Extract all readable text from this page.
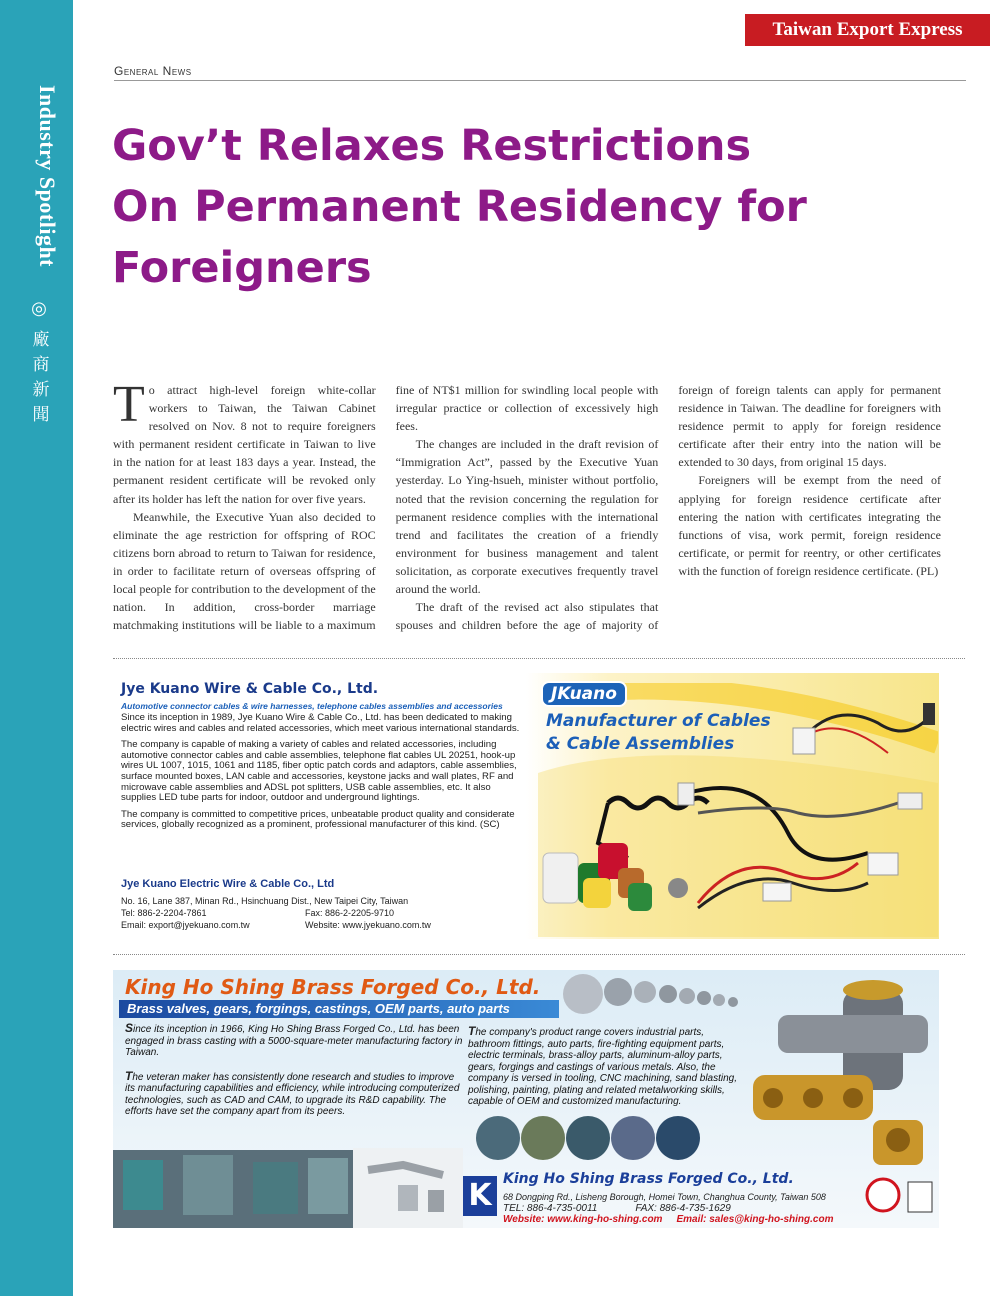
Industry Spotlight
◎
廠
商
新
聞
Taiwan Export Express
General News
Gov’t Relaxes Restrictions
On Permanent Residency for
Foreigners

To attract high-level foreign white-collar workers to Taiwan, the Taiwan Cabinet resolved on Nov. 8 not to require foreigners with permanent resident certificate in Taiwan to live in the nation for at least 183 days a year. Instead, the permanent resident certificate will be revoked only after its holder has left the nation for over five years.

Meanwhile, the Executive Yuan also decided to eliminate the age restriction for offspring of ROC citizens born abroad to return to Taiwan for residence, in order to facilitate return of overseas offspring of local people for contribution to the development of the nation. In addition, cross-border marriage matchmaking institutions will be liable to a maximum fine of NT$1 million for swindling local people with irregular practice or collection of excessively high fees.

The changes are included in the draft revision of “Immigration Act”, passed by the Executive Yuan yesterday. Lo Ying-hsueh, minister without portfolio, noted that the revision concerning the regulation for permanent residence complies with the international trend and facilitates the creation of a friendly environment for business management and talent solicitation, as corporate executives frequently travel around the world.

The draft of the revised act also stipulates that spouses and children before the age of majority of foreign of foreign talents can apply for permanent residence in Taiwan. The deadline for foreigners with residence permit to apply for foreign residence certificate after their entry into the nation will be extended to 30 days, from original 15 days.

Foreigners will be exempt from the need of applying for foreign residence certificate after entering the nation with certificates integrating the functions of visa, work permit, foreign residence certificate, or permit for reentry, or other certificates with the function of foreign residence certificate. (PL)

Jye Kuano Wire & Cable Co., Ltd.
Automotive connector cables & wire harnesses, telephone cables assemblies and accessories

Since its inception in 1989, Jye Kuano Wire & Cable Co., Ltd. has been dedicated to making electric wires and cables and related accessories, which meet various international standards.

The company is capable of making a variety of cables and related accessories, including automotive connector cables and cable assemblies, telephone flat cables UL 20251, hook-up wires UL 1007, 1015, 1061 and 1185, fiber optic patch cords and adaptors, cable assemblies, surface mounted boxes, LAN cable and accessories, keystone jacks and wall plates, RF and microwave cable assemblies and ADSL pot splitters, USB cable assemblies, etc. It also supplies LED tube parts for indoor, outdoor and underground lightings.

The company is committed to competitive prices, unbeatable product quality and considerate services, globally recognized as a prominent, professional manufacturer of this kind. (SC)

Jye Kuano Electric Wire & Cable Co., Ltd
No. 16, Lane 387, Minan Rd., Hsinchuang Dist., New Taipei City, Taiwan
Tel: 886-2-2204-7861	Fax: 886-2-2205-9710
Email: export@jyekuano.com.tw	Website: www.jyekuano.com.tw
JKuano
Manufacturer of Cables
& Cable Assemblies
King Ho Shing Brass Forged Co., Ltd.
Brass valves, gears, forgings, castings, OEM parts, auto parts

Since its inception in 1966, King Ho Shing Brass Forged Co., Ltd. has been engaged in brass casting with a 5000-square-meter manufacturing factory in Taiwan.

The veteran maker has consistently done research and studies to improve its manufacturing capabilities and efficiency, while introducing computerized technologies, such as CAD and CAM, to upgrade its R&D capability. The efforts have set the company apart from its peers.

The company's product range covers industrial parts, bathroom fittings, auto parts, fire-fighting equipment parts, electric terminals, brass-alloy parts, aluminum-alloy parts, gears, forgings and castings of various metals. Also, the company is versed in tooling, CNC machining, sand blasting, polishing, painting, plating and related metalworking skills, capable of OEM and customized manufacturing.

K King Ho Shing Brass Forged Co., Ltd.
68 Dongping Rd., Lisheng Borough, Homei Town, Changhua County, Taiwan 508
TEL: 886-4-735-0011	FAX: 886-4-735-1629
Website: www.king-ho-shing.com Email: sales@king-ho-shing.com
